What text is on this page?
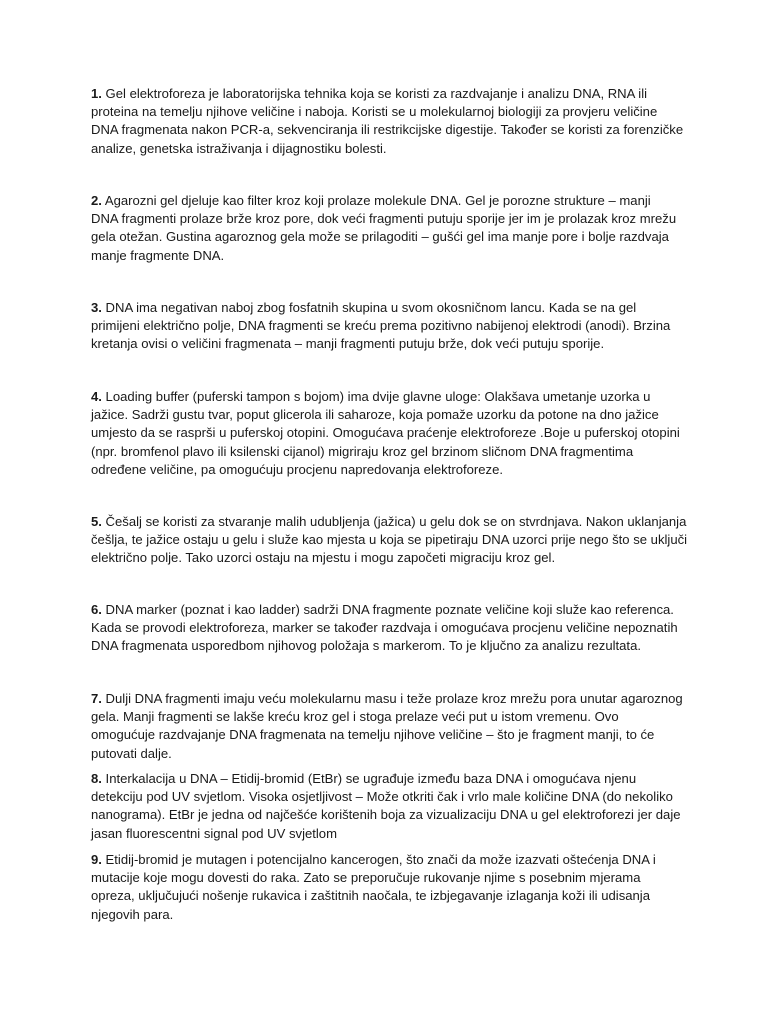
1. Gel elektroforeza je laboratorijska tehnika koja se koristi za razdvajanje i analizu DNA, RNA ili
proteina na temelju njihove veličine i naboja. Koristi se u molekularnoj biologiji za provjeru veličine
DNA fragmenata nakon PCR-a, sekvenciranja ili restrikcijske digestije. Također se koristi za forenzičke
analize, genetska istraživanja i dijagnostiku bolesti.

2. Agarozni gel djeluje kao filter kroz koji prolaze molekule DNA. Gel je porozne strukture – manji
DNA fragmenti prolaze brže kroz pore, dok veći fragmenti putuju sporije jer im je prolazak kroz mrežu
gela otežan. Gustina agaroznog gela može se prilagoditi – gušći gel ima manje pore i bolje razdvaja
manje fragmente DNA.

3. DNA ima negativan naboj zbog fosfatnih skupina u svom okosničnom lancu. Kada se na gel
primijeni električno polje, DNA fragmenti se kreću prema pozitivno nabijenoj elektrodi (anodi). Brzina
kretanja ovisi o veličini fragmenata – manji fragmenti putuju brže, dok veći putuju sporije.

4. Loading buffer (puferski tampon s bojom) ima dvije glavne uloge: Olakšava umetanje uzorka u
jažice. Sadrži gustu tvar, poput glicerola ili saharoze, koja pomaže uzorku da potone na dno jažice
umjesto da se rasprši u puferskoj otopini. Omogućava praćenje elektroforeze .Boje u puferskoj otopini
(npr. bromfenol plavo ili ksilenski cijanol) migriraju kroz gel brzinom sličnom DNA fragmentima
određene veličine, pa omogućuju procjenu napredovanja elektroforeze.

5. Češalj se koristi za stvaranje malih udubljenja (jažica) u gelu dok se on stvrdnjava. Nakon uklanjanja
češlja, te jažice ostaju u gelu i služe kao mjesta u koja se pipetiraju DNA uzorci prije nego što se uključi
električno polje. Tako uzorci ostaju na mjestu i mogu započeti migraciju kroz gel.

6. DNA marker (poznat i kao ladder) sadrži DNA fragmente poznate veličine koji služe kao referenca.
Kada se provodi elektroforeza, marker se također razdvaja i omogućava procjenu veličine nepoznatih
DNA fragmenata usporedbom njihovog položaja s markerom. To je ključno za analizu rezultata.

7. Dulji DNA fragmenti imaju veću molekularnu masu i teže prolaze kroz mrežu pora unutar agaroznog
gela. Manji fragmenti se lakše kreću kroz gel i stoga prelaze veći put u istom vremenu. Ovo
omogućuje razdvajanje DNA fragmenata na temelju njihove veličine – što je fragment manji, to će
putovati dalje.

8. Interkalacija u DNA – Etidij-bromid (EtBr) se ugrađuje između baza DNA i omogućava njenu
detekciju pod UV svjetlom. Visoka osjetljivost – Može otkriti čak i vrlo male količine DNA (do nekoliko
nanograma). EtBr je jedna od najčešće korištenih boja za vizualizaciju DNA u gel elektroforezi jer daje
jasan fluorescentni signal pod UV svjetlom

9. Etidij-bromid je mutagen i potencijalno kancerogen, što znači da može izazvati oštećenja DNA i
mutacije koje mogu dovesti do raka. Zato se preporučuje rukovanje njime s posebnim mjerama
opreza, uključujući nošenje rukavica i zaštitnih naočala, te izbjegavanje izlaganja koži ili udisanja
njegovih para.
